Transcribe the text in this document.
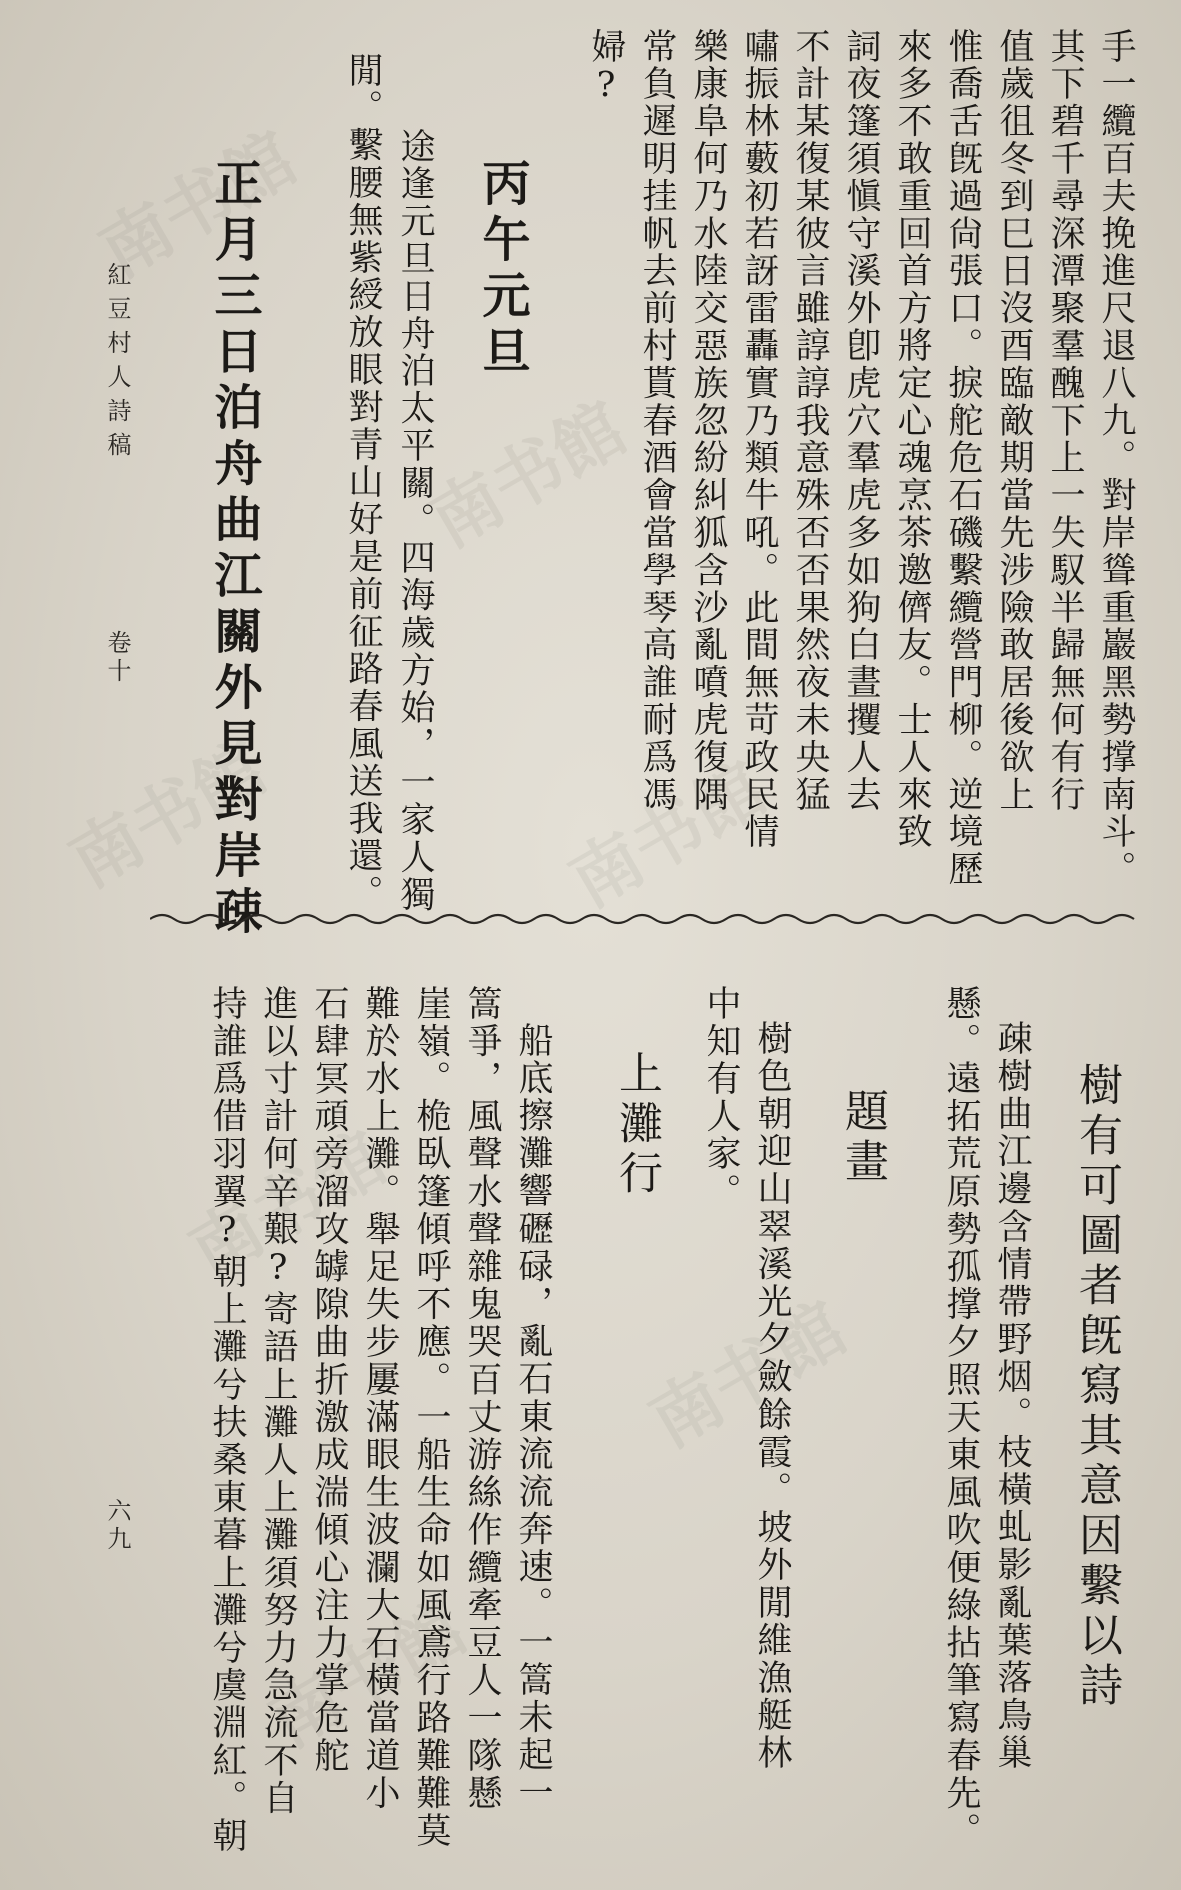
南书館
南书館
南书館	南书館
南书館
南书館
南书館
紅豆村人詩稿
卷十
六九
手一纜百夫挽進尺退八九。對岸聳重巖黑勢撑南斗。
其下碧千尋深潭聚羣醜下上一失馭半歸無何有行
值歲徂冬到巳日沒酉臨敵期當先涉險敢居後欲上
惟喬舌旣過尙張口。捩舵危石磯繫纜營門柳。逆境歷
來多不敢重回首方將定心魂烹茶邀儕友。士人來致
詞夜篷須愼守溪外卽虎穴羣虎多如狗白晝攫人去
不計某復某彼言雖諄諄我意殊否否果然夜未央猛
嘯振林藪初若訝雷轟實乃類牛吼。此間無苛政民情
樂康阜何乃水陸交惡族忽紛糾狐含沙亂噴虎復隅
常負遲明挂帆去前村貰春酒會當學琴高誰耐爲馮
婦?
丙午元旦
途逢元旦日舟泊太平關。四海歲方始，一家人獨
閒。繫腰無紫綬放眼對青山好是前征路春風送我還。
正月三日泊舟曲江關外見對岸疎
樹有可圖者旣寫其意因繫以詩
疎樹曲江邊含情帶野烟。枝橫虬影亂葉落鳥巢
懸。遠拓荒原勢孤撑夕照天東風吹便綠拈筆寫春先。
題畫
樹色朝迎山翠溪光夕斂餘霞。坡外閒維漁艇林
中知有人家。
上灘行
船底擦灘響礰碌，亂石東流流奔速。一篙未起一
篙爭，風聲水聲雜鬼哭百丈游絲作纜牽豆人一隊懸
崖嶺。桅臥篷傾呼不應。一船生命如風鳶行路難難莫
難於水上灘。舉足失步屢滿眼生波瀾大石橫當道小
石肆冥頑旁溜攻罅隙曲折激成湍傾心注力掌危舵
進以寸計何辛艱?寄語上灘人上灘須努力急流不自
持誰爲借羽翼?朝上灘兮扶桑東暮上灘兮虞淵紅。朝
